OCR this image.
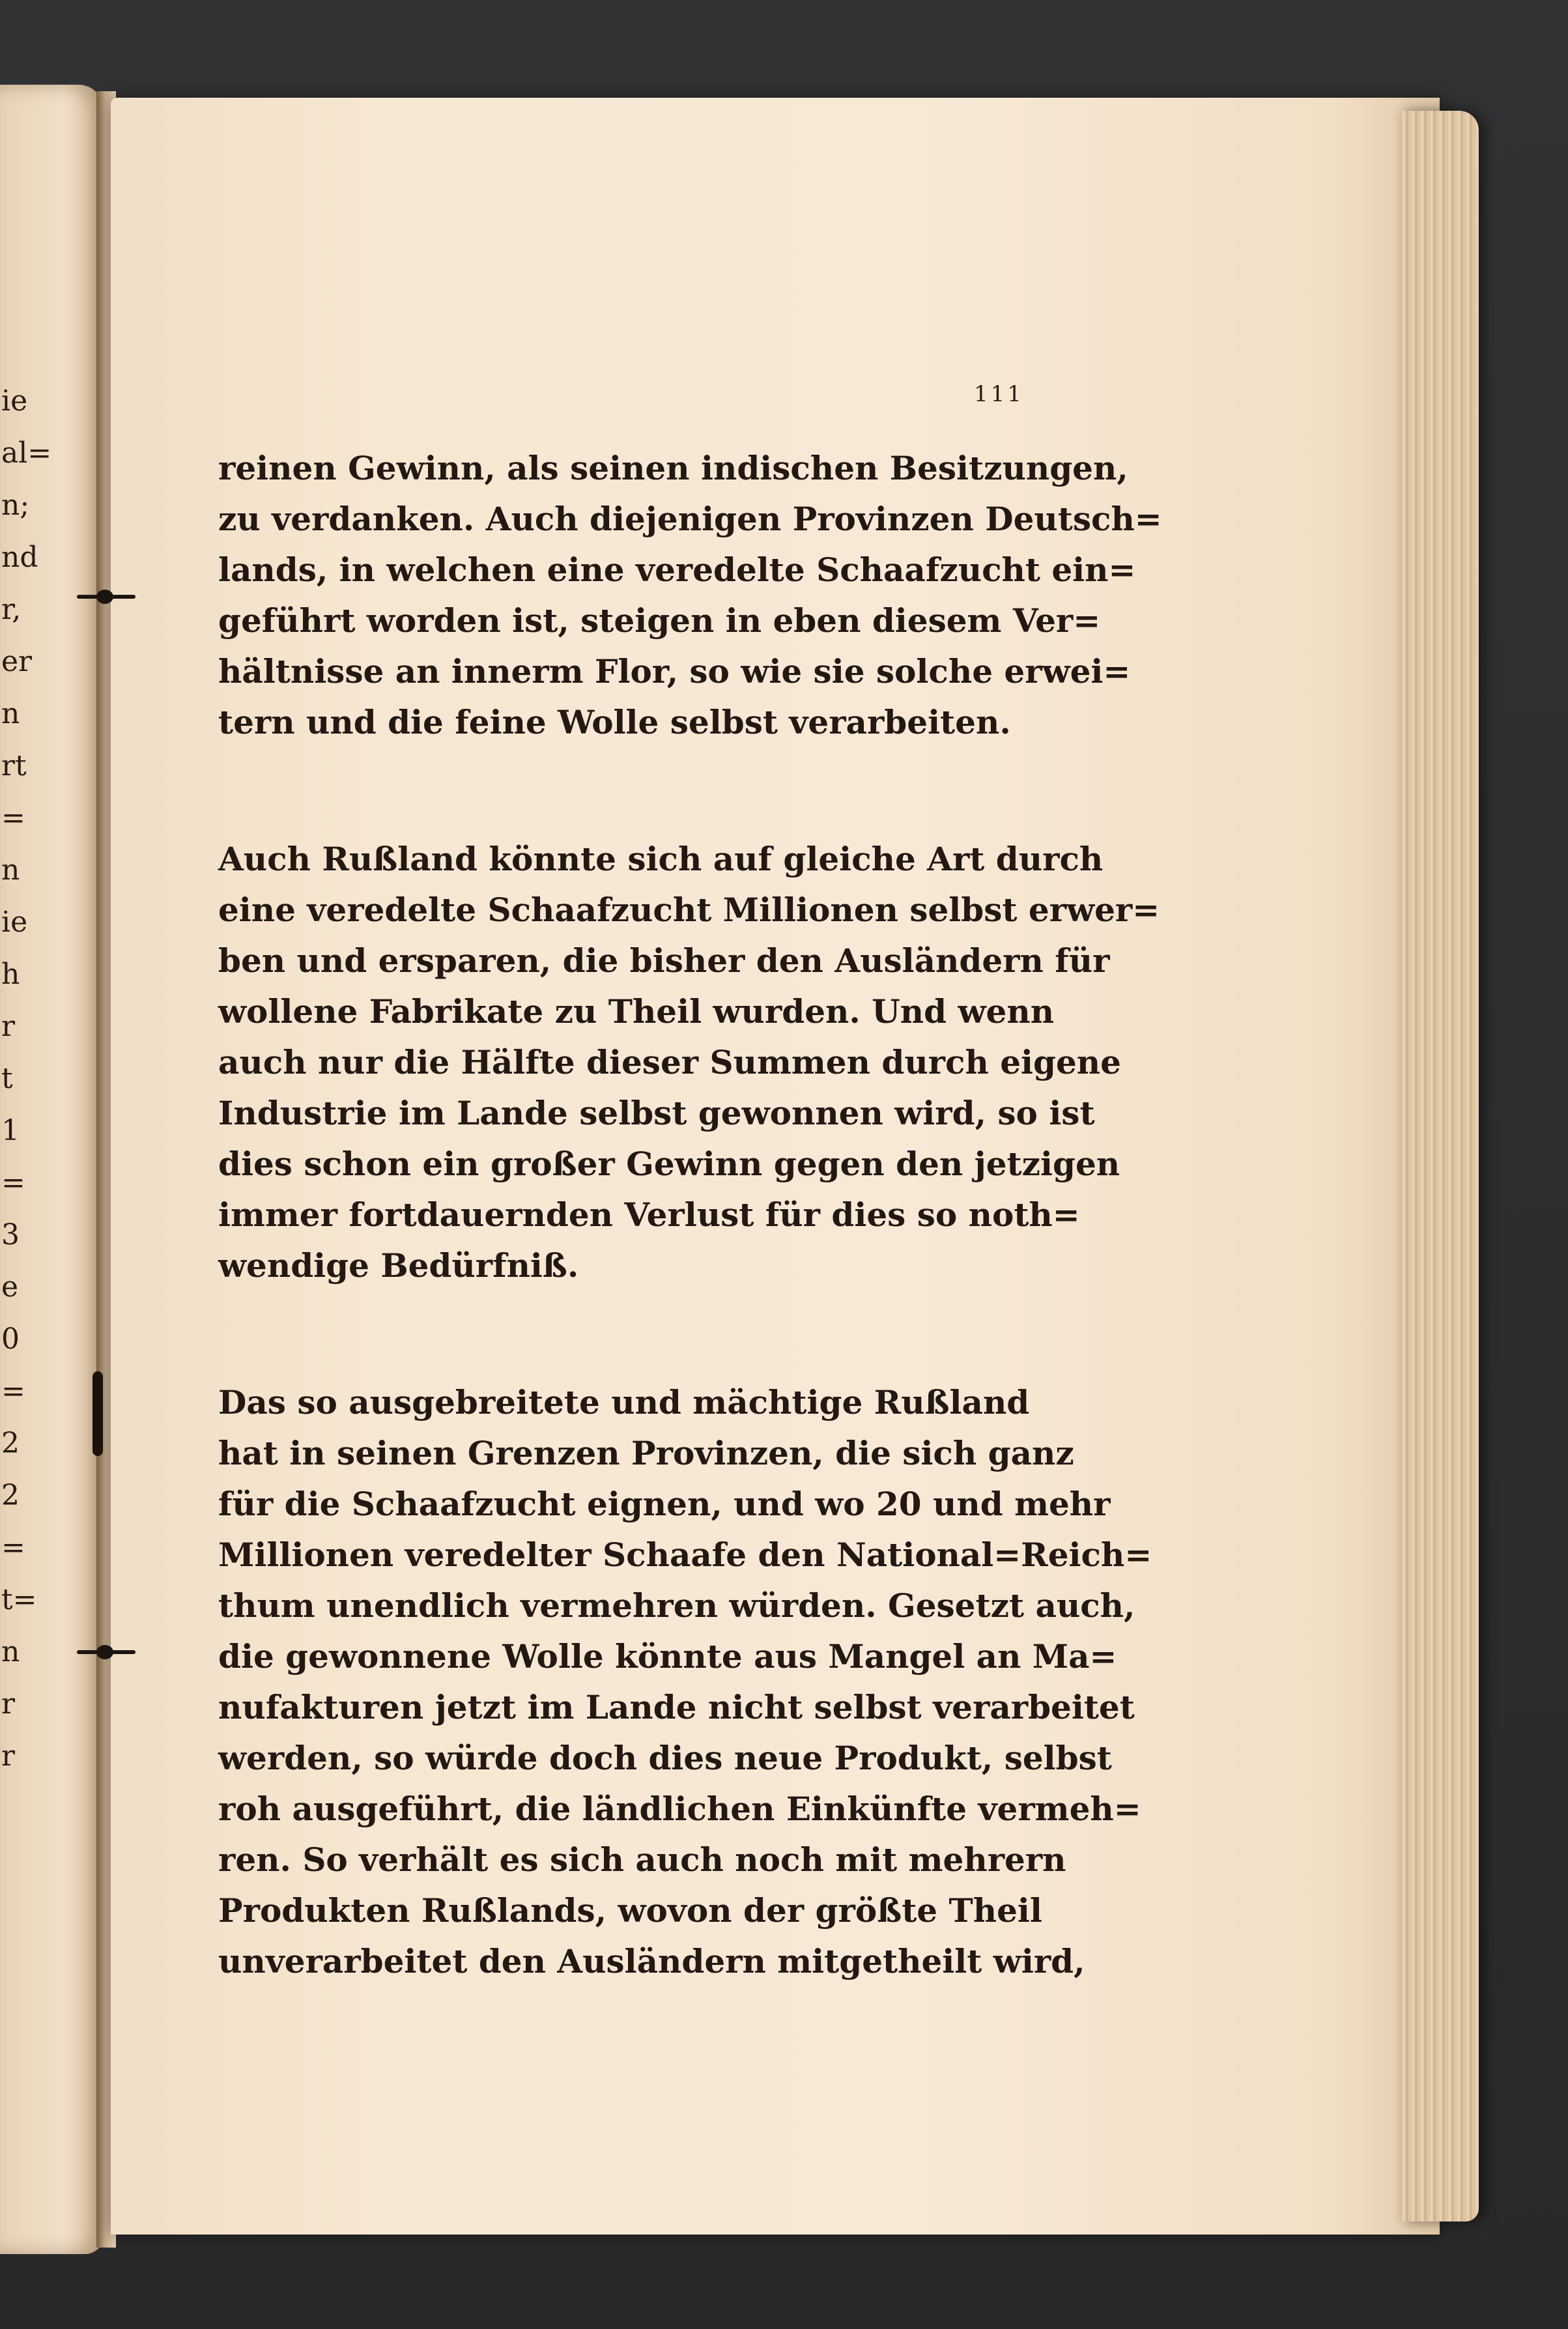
ie
al=
n;
nd
r,
er
n
rt
=
n
ie
h
r
t
1
=
3
e
0
=
2
2
=
t=
n
r
r
111
reinen Gewinn, als seinen indischen Besitzungen,
zu verdanken. Auch diejenigen Provinzen Deutsch=
lands, in welchen eine veredelte Schaafzucht ein=
geführt worden ist, steigen in eben diesem Ver=
hältnisse an innerm Flor, so wie sie solche erwei=
tern und die feine Wolle selbst verarbeiten.
Auch Rußland könnte sich auf gleiche Art durch
eine veredelte Schaafzucht Millionen selbst erwer=
ben und ersparen, die bisher den Ausländern für
wollene Fabrikate zu Theil wurden. Und wenn
auch nur die Hälfte dieser Summen durch eigene
Industrie im Lande selbst gewonnen wird, so ist
dies schon ein großer Gewinn gegen den jetzigen
immer fortdauernden Verlust für dies so noth=
wendige Bedürfniß.
Das so ausgebreitete und mächtige Rußland
hat in seinen Grenzen Provinzen, die sich ganz
für die Schaafzucht eignen, und wo 20 und mehr
Millionen veredelter Schaafe den National=Reich=
thum unendlich vermehren würden. Gesetzt auch,
die gewonnene Wolle könnte aus Mangel an Ma=
nufakturen jetzt im Lande nicht selbst verarbeitet
werden, so würde doch dies neue Produkt, selbst
roh ausgeführt, die ländlichen Einkünfte vermeh=
ren. So verhält es sich auch noch mit mehrern
Produkten Rußlands, wovon der größte Theil
unverarbeitet den Ausländern mitgetheilt wird,
